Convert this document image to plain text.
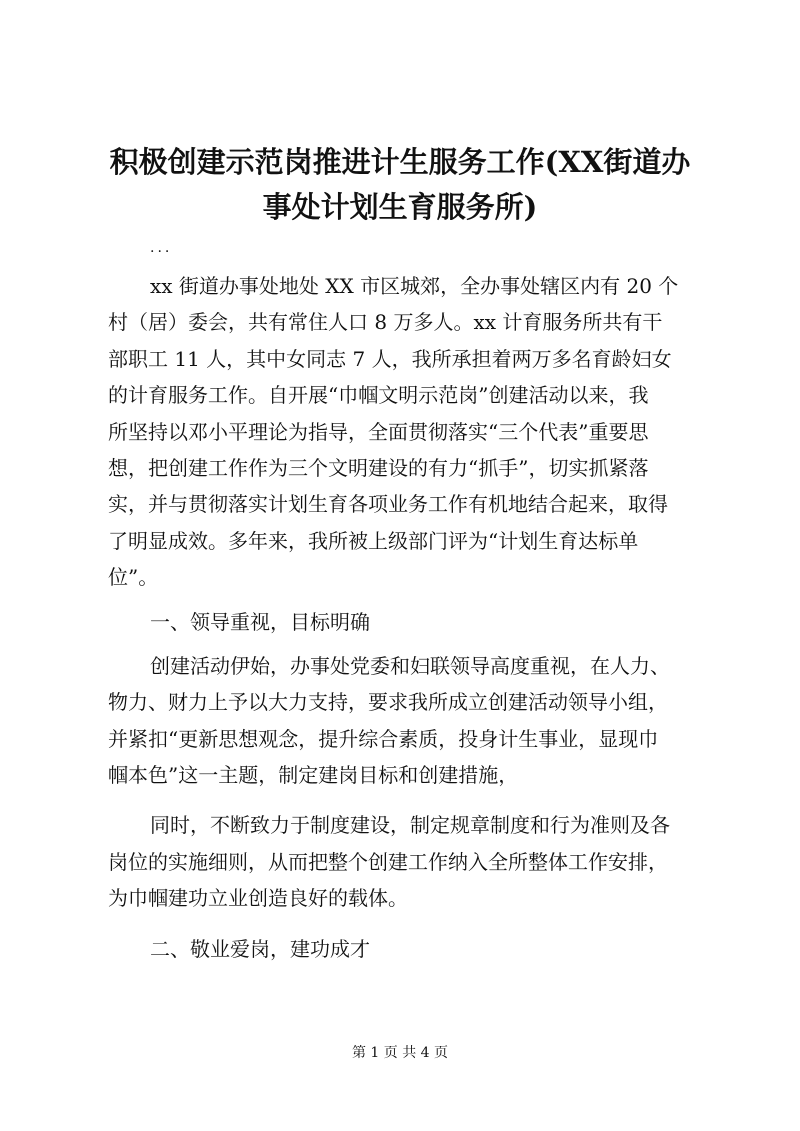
积极创建示范岗推进计生服务工作(XX街道办
事处计划生育服务所)
...
xx 街道办事处地处 XX 市区城郊，全办事处辖区内有 20 个
村（居）委会，共有常住人口 8 万多人。xx 计育服务所共有干
部职工 11 人，其中女同志 7 人，我所承担着两万多名育龄妇女
的计育服务工作。自开展“巾帼文明示范岗”创建活动以来，我
所坚持以邓小平理论为指导，全面贯彻落实“三个代表”重要思
想，把创建工作作为三个文明建设的有力“抓手”，切实抓紧落
实，并与贯彻落实计划生育各项业务工作有机地结合起来，取得
了明显成效。多年来，我所被上级部门评为“计划生育达标单
位”。
一、领导重视，目标明确
创建活动伊始，办事处党委和妇联领导高度重视，在人力、
物力、财力上予以大力支持，要求我所成立创建活动领导小组，
并紧扣“更新思想观念，提升综合素质，投身计生事业，显现巾
帼本色”这一主题，制定建岗目标和创建措施，
同时，不断致力于制度建设，制定规章制度和行为准则及各
岗位的实施细则，从而把整个创建工作纳入全所整体工作安排，
为巾帼建功立业创造良好的载体。
二、敬业爱岗，建功成才
第 1 页 共 4 页
